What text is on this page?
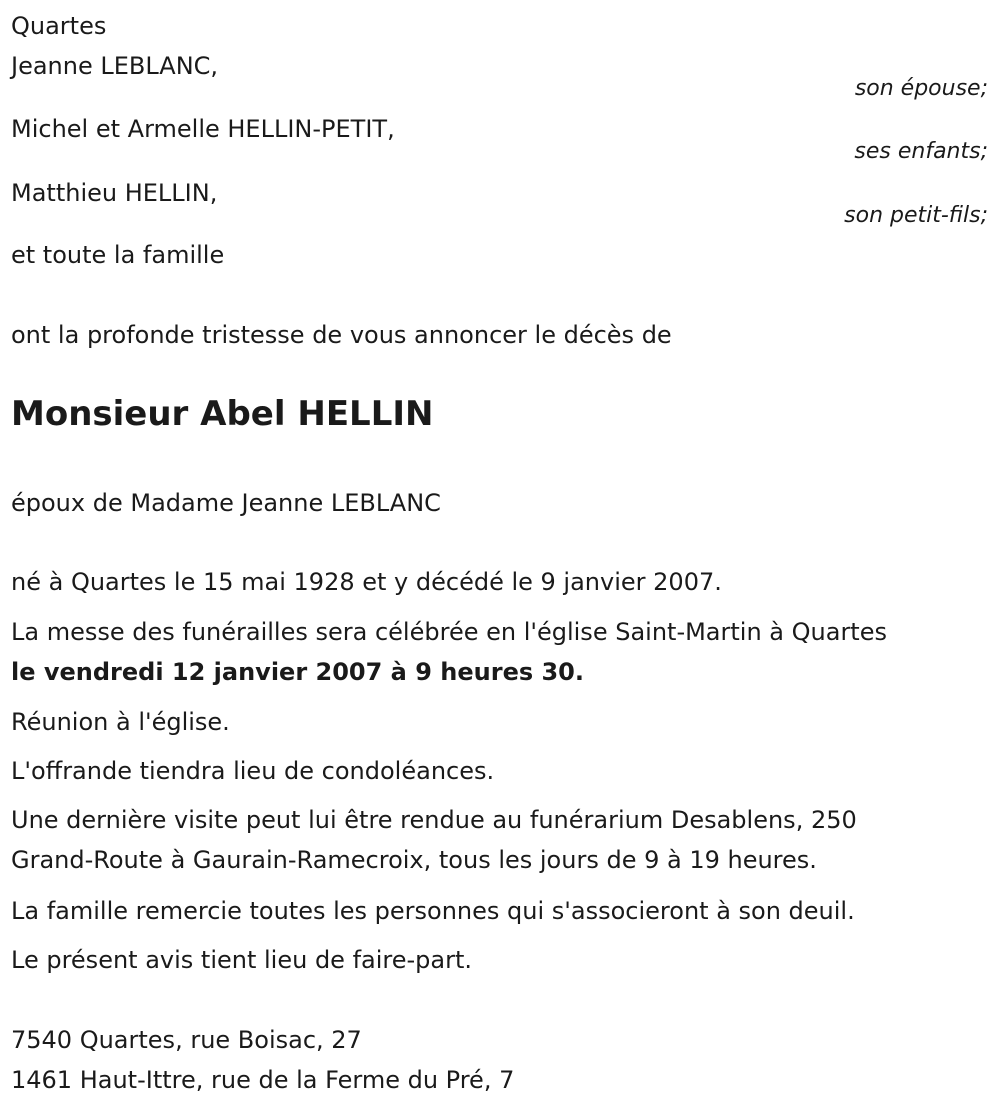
Quartes
Jeanne LEBLANC,
son épouse;
Michel et Armelle HELLIN-PETIT,
ses enfants;
Matthieu HELLIN,
son petit-fils;
et toute la famille
ont la profonde tristesse de vous annoncer le décès de
Monsieur Abel HELLIN
époux de Madame Jeanne LEBLANC
né à Quartes le 15 mai 1928 et y décédé le 9 janvier 2007.
La messe des funérailles sera célébrée en l'église Saint-Martin à Quartes
le vendredi 12 janvier 2007 à 9 heures 30.
Réunion à l'église.
L'offrande tiendra lieu de condoléances.
Une dernière visite peut lui être rendue au funérarium Desablens, 250
Grand-Route à Gaurain-Ramecroix, tous les jours de 9 à 19 heures.
La famille remercie toutes les personnes qui s'associeront à son deuil.
Le présent avis tient lieu de faire-part.
7540 Quartes, rue Boisac, 27
1461 Haut-Ittre, rue de la Ferme du Pré, 7
